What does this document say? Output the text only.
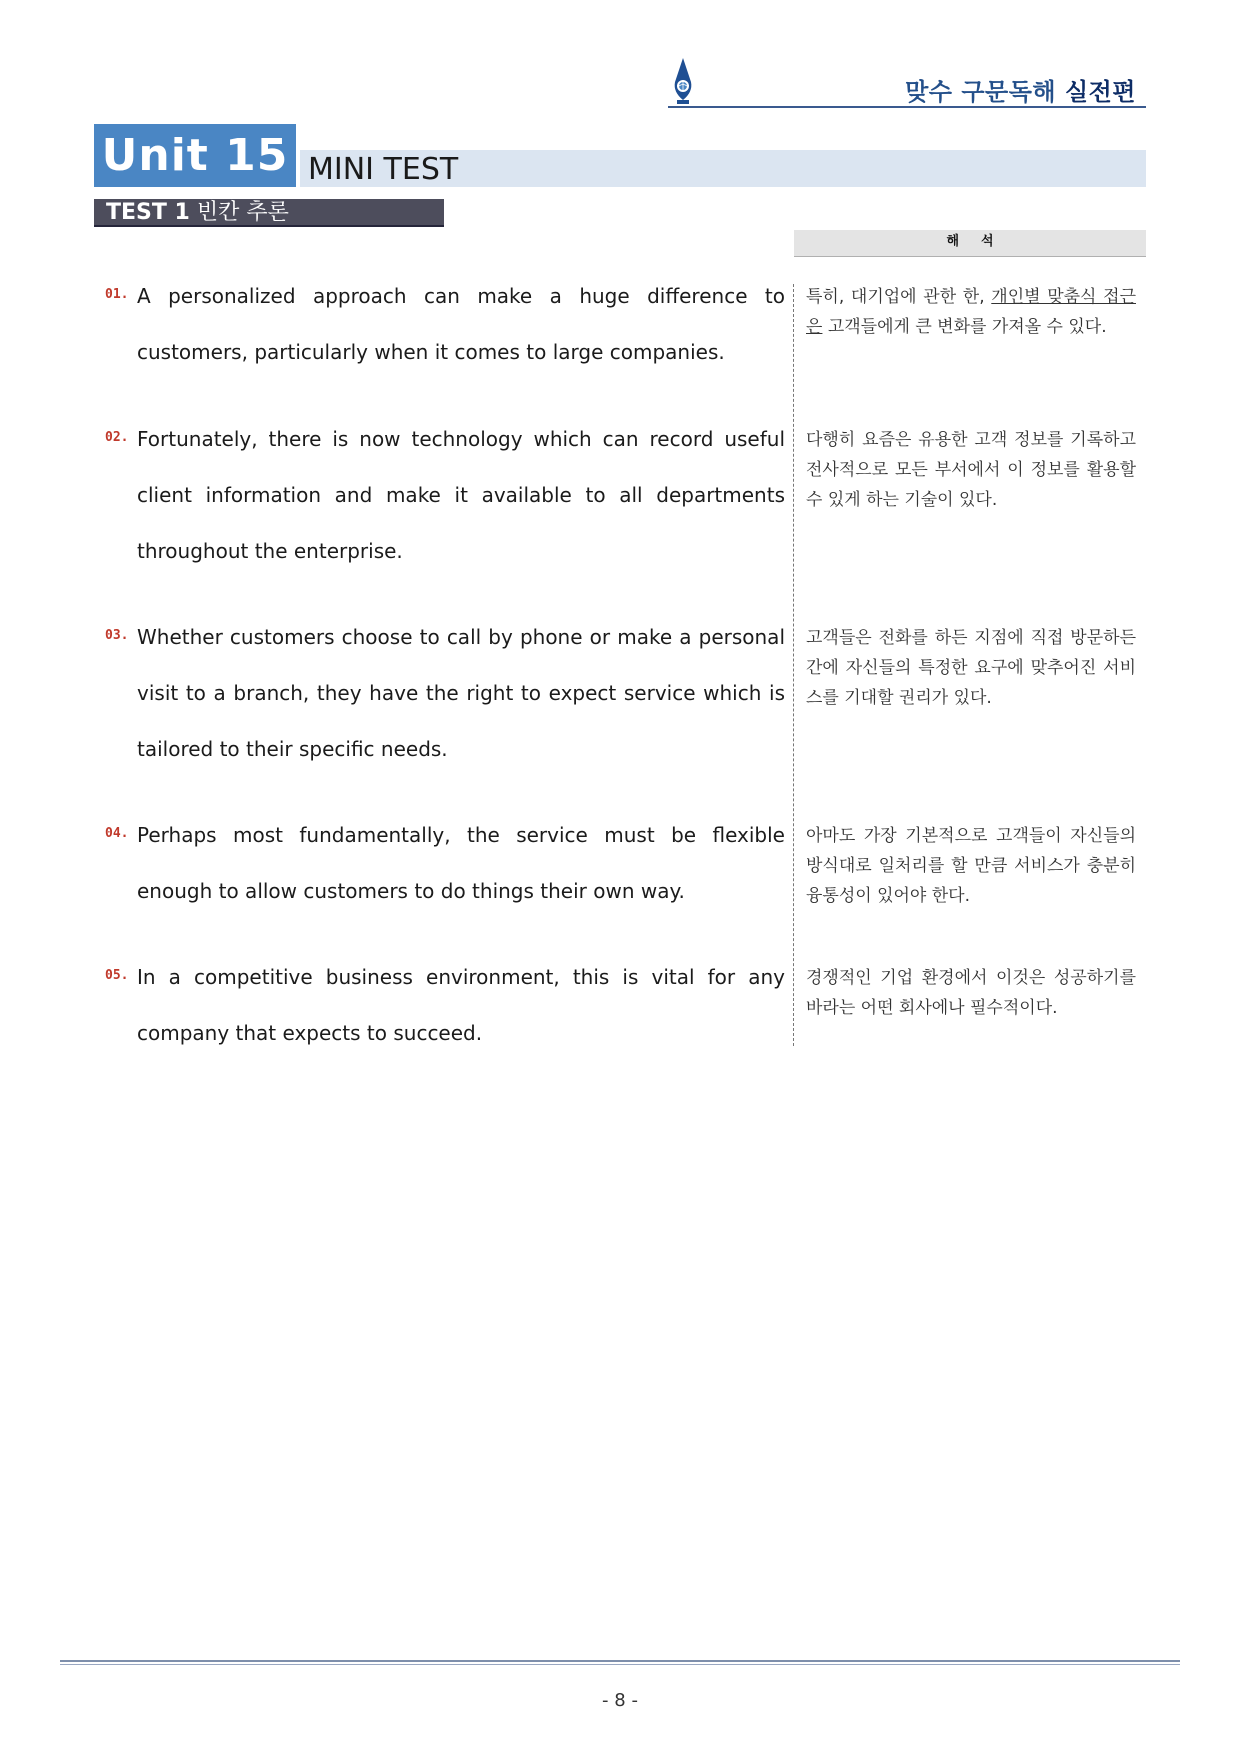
맞수 구문독해 실전편
Unit 15 MINI TEST
TEST 1 빈칸 추론
해석
01. A personalized approach can make a huge difference to customers, particularly when it comes to large companies.

특히, 대기업에 관한 한, 개인별 맞춤식 접근은 고객들에게 큰 변화를 가져올 수 있다.

02. Fortunately, there is now technology which can record useful client information and make it available to all departments throughout the enterprise.

다행히 요즘은 유용한 고객 정보를 기록하고 전사적으로 모든 부서에서 이 정보를 활용할 수 있게 하는 기술이 있다.

03. Whether customers choose to call by phone or make a personal visit to a branch, they have the right to expect service which is tailored to their specific needs.

고객들은 전화를 하든 지점에 직접 방문하든 간에 자신들의 특정한 요구에 맞추어진 서비스를 기대할 권리가 있다.

04. Perhaps most fundamentally, the service must be flexible enough to allow customers to do things their own way.

아마도 가장 기본적으로 고객들이 자신들의 방식대로 일처리를 할 만큼 서비스가 충분히 융통성이 있어야 한다.

05. In a competitive business environment, this is vital for any company that expects to succeed.

경쟁적인 기업 환경에서 이것은 성공하기를 바라는 어떤 회사에나 필수적이다.

- 8 -
